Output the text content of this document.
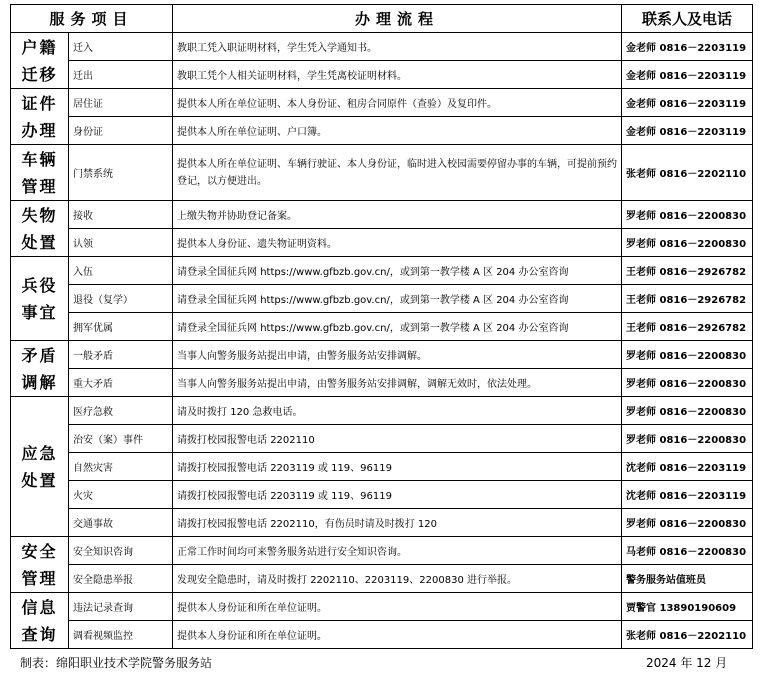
服务项目		办理流程	联系人及电话
户籍迁移	迁入	教职工凭入职证明材料，学生凭入学通知书。	金老师 0816－2203119
	迁出	教职工凭个人相关证明材料，学生凭离校证明材料。	金老师 0816－2203119
证件办理	居住证	提供本人所在单位证明、本人身份证、租房合同原件（查验）及复印件。	金老师 0816－2203119
	身份证	提供本人所在单位证明、户口簿。	金老师 0816－2203119
车辆管理	门禁系统	提供本人所在单位证明、车辆行驶证、本人身份证，临时进入校园需要停留办事的车辆，可提前预约登记，以方便进出。	张老师 0816－2202110
失物处置	接收	上缴失物并协助登记备案。	罗老师 0816－2200830
	认领	提供本人身份证、遗失物证明资料。	罗老师 0816－2200830
兵役事宜	入伍	请登录全国征兵网 https://www.gfbzb.gov.cn/，或到第一教学楼 A 区 204 办公室咨询	王老师 0816－2926782
	退役（复学）	请登录全国征兵网 https://www.gfbzb.gov.cn/，或到第一教学楼 A 区 204 办公室咨询	王老师 0816－2926782
	拥军优属	请登录全国征兵网 https://www.gfbzb.gov.cn/，或到第一教学楼 A 区 204 办公室咨询	王老师 0816－2926782
矛盾调解	一般矛盾	当事人向警务服务站提出申请，由警务服务站安排调解。	罗老师 0816－2200830
	重大矛盾	当事人向警务服务站提出申请，由警务服务站安排调解，调解无效时，依法处理。	罗老师 0816－2200830
应急处置	医疗急救	请及时拨打 120 急救电话。	罗老师 0816－2200830
	治安（案）事件	请拨打校园报警电话 2202110	罗老师 0816－2200830
	自然灾害	请拨打校园报警电话 2203119 或 119、96119	沈老师 0816－2203119
	火灾	请拨打校园报警电话 2203119 或 119、96119	沈老师 0816－2203119
	交通事故	请拨打校园报警电话 2202110，有伤员时请及时拨打 120	罗老师 0816－2200830
安全管理	安全知识咨询	正常工作时间均可来警务服务站进行安全知识咨询。	马老师 0816－2200830
	安全隐患举报	发现安全隐患时，请及时拨打 2202110、2203119、2200830 进行举报。	警务服务站值班员
信息查询	违法记录查询	提供本人身份证和所在单位证明。	贾警官 13890190609
	调看视频监控	提供本人身份证和所在单位证明。	张老师 0816－2202110
制表：绵阳职业技术学院警务服务站	2024 年 12 月
